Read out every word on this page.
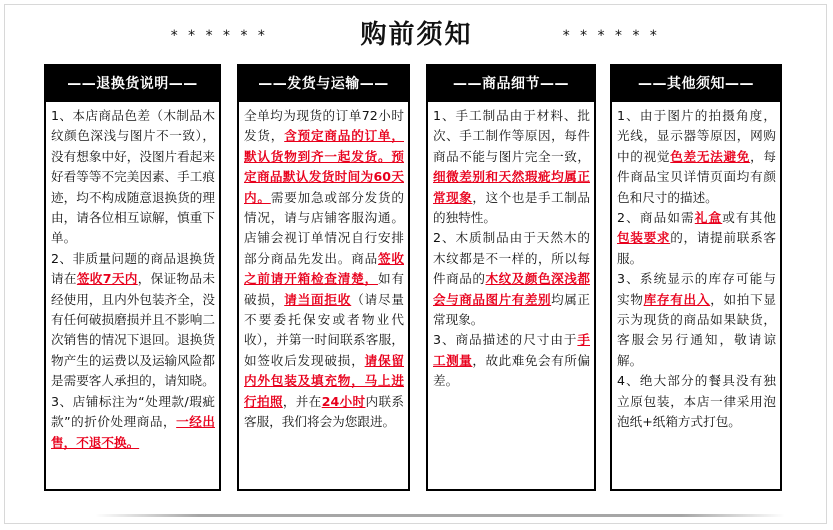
******	购前须知	******
——退换货说明——

1、本店商品色差（木制品木纹颜色深浅与图片不一致），没有想象中好，没图片看起来好看等等不完美因素、手工痕迹，均不构成随意退换货的理由，请各位相互谅解，慎重下单。

2、非质量问题的商品退换货请在签收7天内，保证物品未经使用，且内外包装齐全，没有任何破损磨损并且不影响二次销售的情况下退回。退换货物产生的运费以及运输风险都是需要客人承担的，请知晓。

3、店铺标注为“处理款/瑕疵款”的折价处理商品，一经出售，不退不换。

——发货与运输——

全单均为现货的订单72小时发货，含预定商品的订单，默认货物到齐一起发货。预定商品默认发货时间为60天内。需要加急或部分发货的情况，请与店铺客服沟通。店铺会视订单情况自行安排部分商品先发出。商品签收之前请开箱检查清楚，如有破损，请当面拒收（请尽量不要委托保安或者物业代收），并第一时间联系客服，如签收后发现破损，请保留内外包装及填充物，马上进行拍照，并在24小时内联系客服，我们将会为您跟进。

——商品细节——

1、手工制品由于材料、批次、手工制作等原因，每件商品不能与图片完全一致，细微差别和天然瑕疵均属正常现象，这个也是手工制品的独特性。

2、木质制品由于天然木的木纹都是不一样的，所以每件商品的木纹及颜色深浅都会与商品图片有差别均属正常现象。

3、商品描述的尺寸由于手工测量，故此难免会有所偏差。

——其他须知——

1、由于图片的拍摄角度，光线，显示器等原因，网购中的视觉色差无法避免，每件商品宝贝详情页面均有颜色和尺寸的描述。

2、商品如需礼盒或有其他包装要求的，请提前联系客服。

3、系统显示的库存可能与实物库存有出入，如拍下显示为现货的商品如果缺货，客服会另行通知，敬请谅解。

4、绝大部分的餐具没有独立原包装，本店一律采用泡泡纸+纸箱方式打包。
